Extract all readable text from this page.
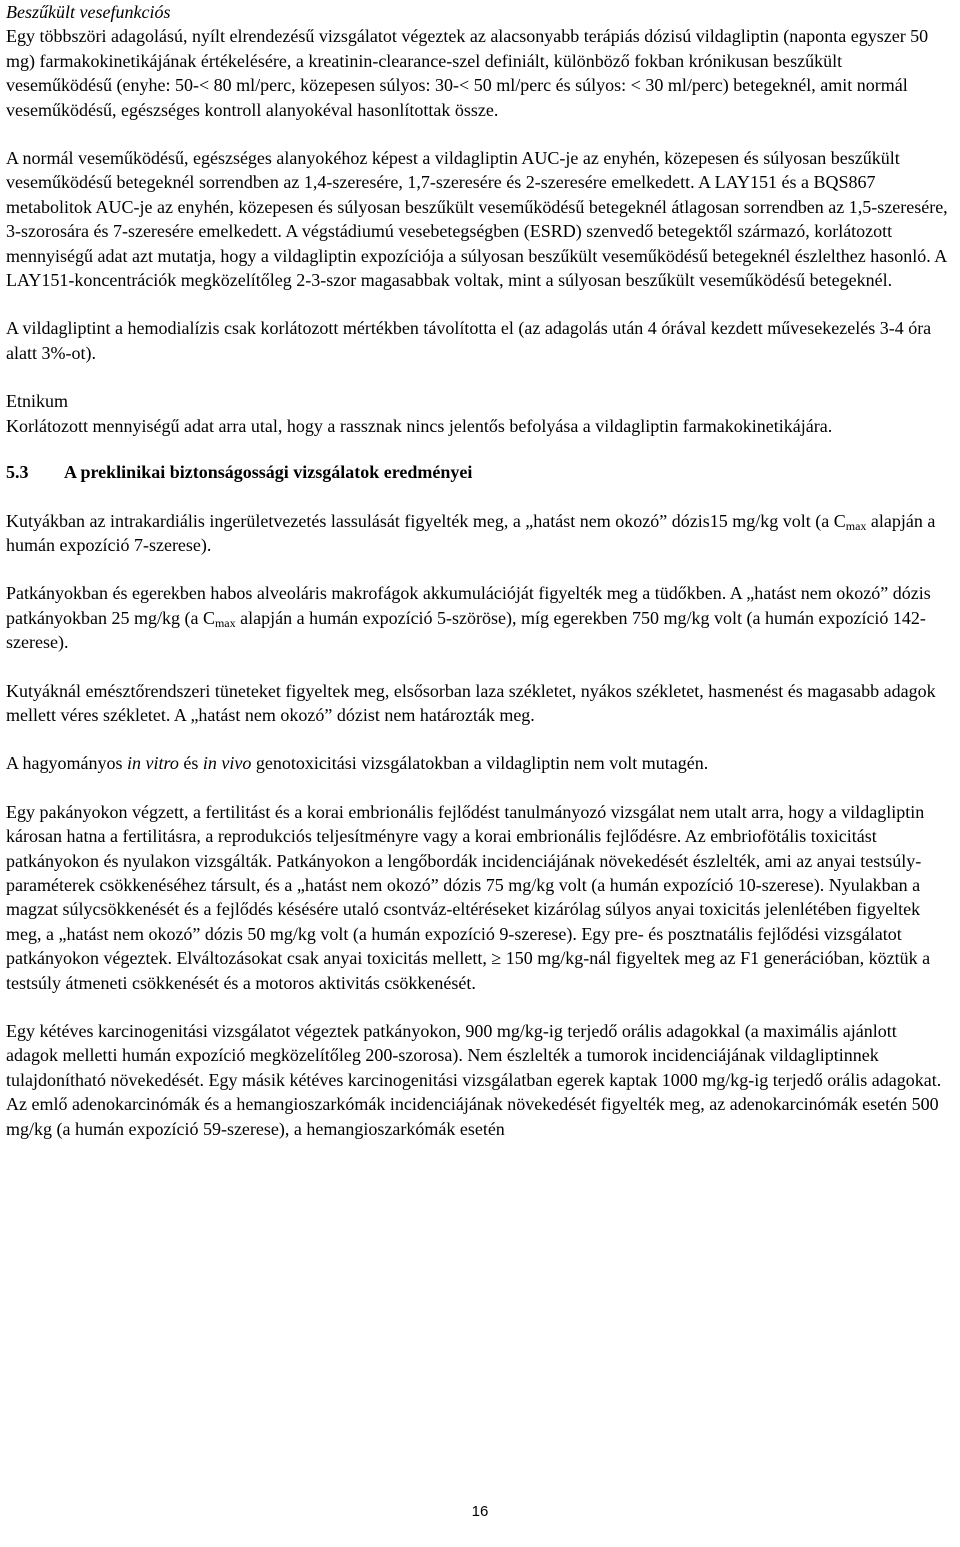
Beszűkült vesefunkciós

Egy többszöri adagolású, nyílt elrendezésű vizsgálatot végeztek az alacsonyabb terápiás dózisú vildagliptin (naponta egyszer 50 mg) farmakokinetikájának értékelésére, a kreatinin-clearance-szel definiált, különböző fokban krónikusan beszűkült veseműködésű (enyhe: 50-< 80 ml/perc, közepesen súlyos: 30-< 50 ml/perc és súlyos: < 30 ml/perc) betegeknél, amit normál veseműködésű, egészséges kontroll alanyokéval hasonlítottak össze.

A normál veseműködésű, egészséges alanyokéhoz képest a vildagliptin AUC-je az enyhén, közepesen és súlyosan beszűkült veseműködésű betegeknél sorrendben az 1,4-szeresére, 1,7-szeresére és 2-szeresére emelkedett. A LAY151 és a BQS867 metabolitok AUC-je az enyhén, közepesen és súlyosan beszűkült veseműködésű betegeknél átlagosan sorrendben az 1,5-szeresére, 3-szorosára és 7-szeresére emelkedett. A végstádiumú vesebetegségben (ESRD) szenvedő betegektől származó, korlátozott mennyiségű adat azt mutatja, hogy a vildagliptin expozíciója a súlyosan beszűkült veseműködésű betegeknél észlelthez hasonló. A LAY151-koncentrációk megközelítőleg 2-3-szor magasabbak voltak, mint a súlyosan beszűkült veseműködésű betegeknél.

A vildagliptint a hemodialízis csak korlátozott mértékben távolította el (az adagolás után 4 órával kezdett művesekezelés 3-4 óra alatt 3%-ot).

Etnikum

Korlátozott mennyiségű adat arra utal, hogy a rassznak nincs jelentős befolyása a vildagliptin farmakokinetikájára.

5.3	A preklinikai biztonságossági vizsgálatok eredményei

Kutyákban az intrakardiális ingerületvezetés lassulását figyelték meg, a „hatást nem okozó” dózis15 mg/kg volt (a $C_{max}$ alapján a humán expozíció 7-szerese).

Patkányokban és egerekben habos alveoláris makrofágok akkumulációját figyelték meg a tüdőkben. A „hatást nem okozó” dózis patkányokban 25 mg/kg (a $C_{max}$ alapján a humán expozíció 5-szöröse), míg egerekben 750 mg/kg volt (a humán expozíció 142-szerese).

Kutyáknál emésztőrendszeri tüneteket figyeltek meg, elsősorban laza székletet, nyákos székletet, hasmenést és magasabb adagok mellett véres székletet. A „hatást nem okozó” dózist nem határozták meg.

A hagyományos in vitro és in vivo genotoxicitási vizsgálatokban a vildagliptin nem volt mutagén.

Egy pakányokon végzett, a fertilitást és a korai embrionális fejlődést tanulmányozó vizsgálat nem utalt arra, hogy a vildagliptin károsan hatna a fertilitásra, a reprodukciós teljesítményre vagy a korai embrionális fejlődésre. Az embriofötális toxicitást patkányokon és nyulakon vizsgálták. Patkányokon a lengőbordák incidenciájának növekedését észlelték, ami az anyai testsúly-paraméterek csökkenéséhez társult, és a „hatást nem okozó” dózis 75 mg/kg volt (a humán expozíció 10-szerese). Nyulakban a magzat súlycsökkenését és a fejlődés késésére utaló csontváz-eltéréseket kizárólag súlyos anyai toxicitás jelenlétében figyeltek meg, a „hatást nem okozó” dózis 50 mg/kg volt (a humán expozíció 9-szerese). Egy pre- és posztnatális fejlődési vizsgálatot patkányokon végeztek. Elváltozásokat csak anyai toxicitás mellett, ≥ 150 mg/kg-nál figyeltek meg az F1 generációban, köztük a testsúly átmeneti csökkenését és a motoros aktivitás csökkenését.

Egy kétéves karcinogenitási vizsgálatot végeztek patkányokon, 900 mg/kg-ig terjedő orális adagokkal (a maximális ajánlott adagok melletti humán expozíció megközelítőleg 200-szorosa). Nem észlelték a tumorok incidenciájának vildagliptinnek tulajdonítható növekedését. Egy másik kétéves karcinogenitási vizsgálatban egerek kaptak 1000 mg/kg-ig terjedő orális adagokat. Az emlő adenokarcinómák és a hemangioszarkómák incidenciájának növekedését figyelték meg, az adenokarcinómák esetén 500 mg/kg (a humán expozíció 59-szerese), a hemangioszarkómák esetén

16
